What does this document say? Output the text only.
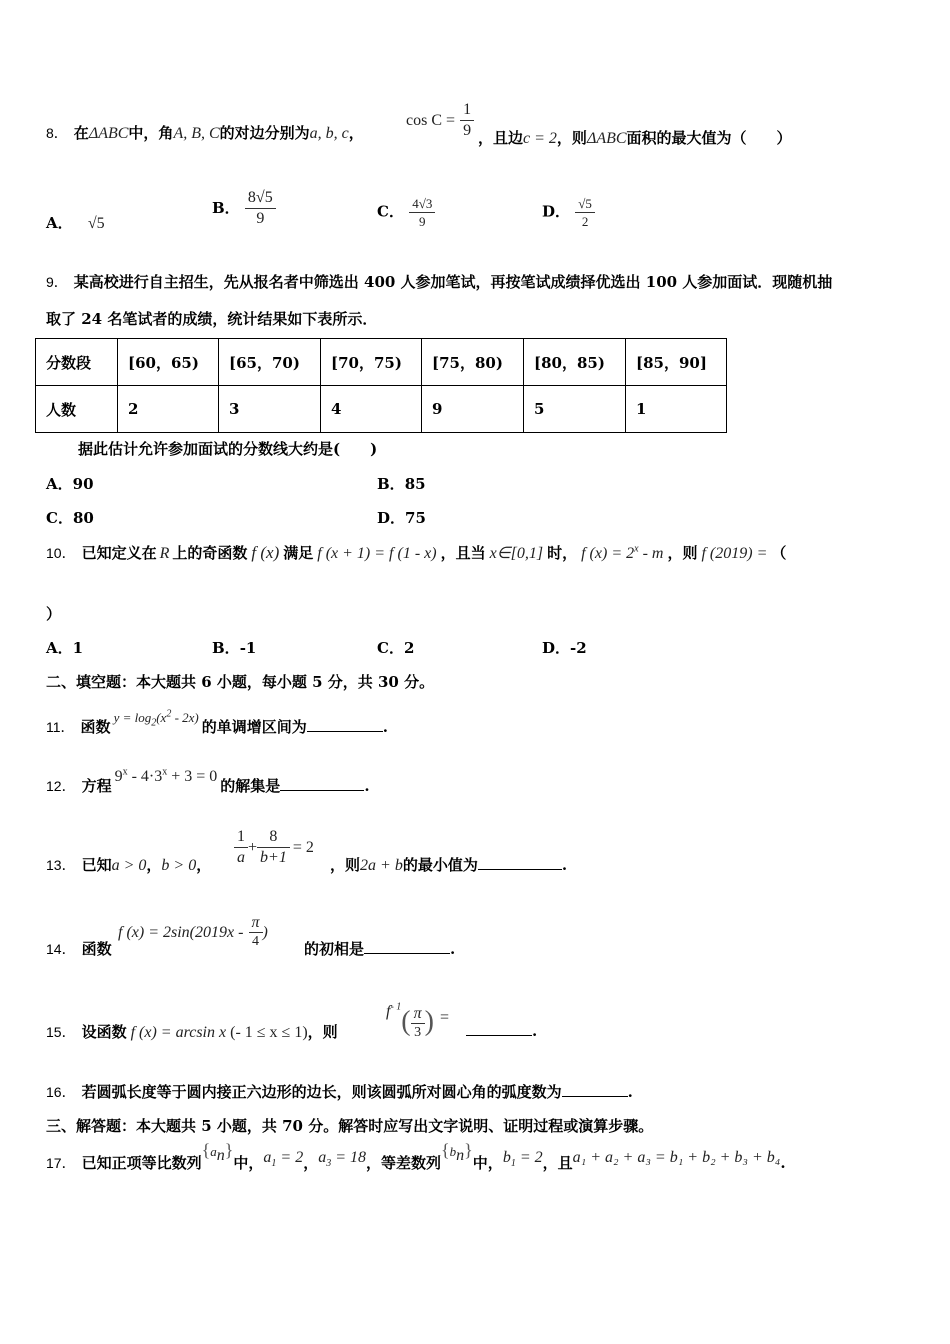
8． 在ΔABC中，角A, B, C的对边分别为a, b, c，
$\cos C = \frac{1}{9}$ ，且边c = 2，则ΔABC面积的最大值为（　　）
A． √5
B． $\frac{8√5}{9}$	C． $\frac{4√3}{9}$	D． $\frac{√5}{2}$
9． 某高校进行自主招生，先从报名者中筛选出 400 人参加笔试，再按笔试成绩择优选出 100 人参加面试．现随机抽
取了 24 名笔试者的成绩，统计结果如下表所示．
分数段	[60，65)	[65，70)	[70，75)	[75，80)	[80，85)	[85，90]
人数	2	3	4	9	5	1
据此估计允许参加面试的分数线大约是(　　)
A．90	B．85
C．80	D．75
10． 已知定义在 R 上的奇函数 f (x) 满足 f (x + 1) = f (1 - x) ，且当 x∈[0,1] 时， f $(x) = 2^x - m$ ，则 f (2019) = （
）
A．1	B．-1	C．2	D．-2
二、填空题：本大题共 6 小题，每小题 5 分，共 30 分。
11． 函数$y = \log_2(x^2 - 2x)$的单调增区间为	.
12． 方程$9^x - 4\cdot 3^x + 3 = 0$的解集是	.
13． 已知a > 0，b > 0， $\frac{1}{a} + \frac{8}{b+1} = 2$
，则2a + b的最小值为	.
14． 函数
f $(x) = 2\sin(2019x - \frac{\pi}{4}$ )
的初相是	.
15． 设函数 f (x) = arcsin x (- 1 ≤ x ≤ 1)，则
$f^{- 1}( \frac{\pi}{3}$ ) =
.
16． 若圆弧长度等于圆内接正六边形的边长，则该圆弧所对圆心角的弧度数为	.
三、解答题：本大题共 5 小题，共 70 分。解答时应写出文字说明、证明过程或演算步骤。
17． 已知正项等比数列$\{a_n\}$中，$a_1 = 2$，$a_3 = 18$，等差数列$\{b_n\}$中，$b_1 = 2$，且a₁ + a₂ + a₃ = b₁ + b₂ + b₃ + b₄.
